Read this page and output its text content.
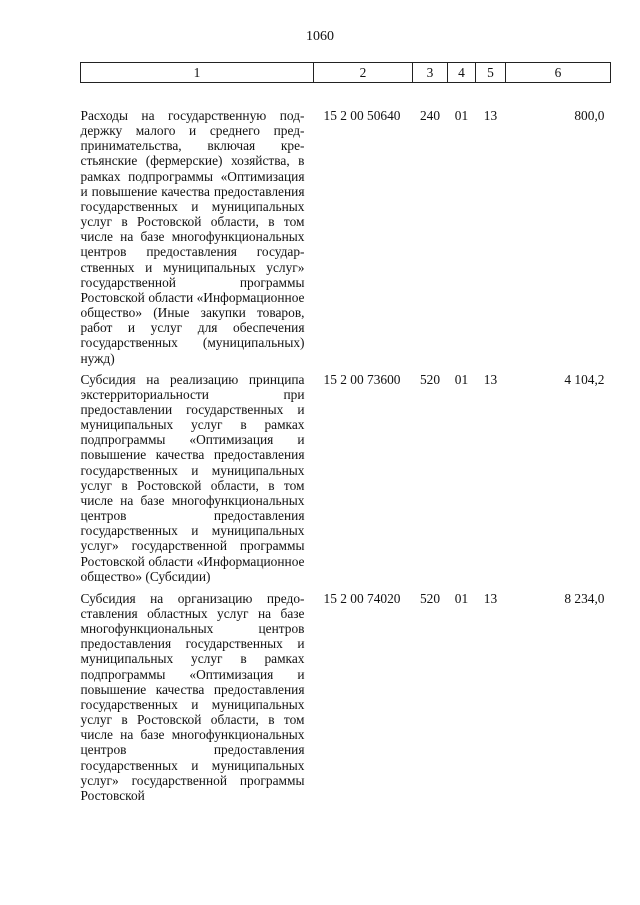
1060
1	2	3	4	5	6
Расходы на государственную поддержку малого и среднего предпринимательства, включая крестьянские (фермерские) хозяйства, в рамках подпрограммы «Оптимизация и повышение качества предоставления государственных и муниципальных услуг в Ростовской области, в том числе на базе многофункциональных центров предоставления государственных и муниципальных услуг» государственной программы Ростовской области «Информационное общество» (Иные закупки товаров, работ и услуг для обеспечения государственных (муниципальных) нужд)	15 2 00 50640	240	01	13	800,0
Субсидия на реализацию принципа экстерриториальности при предоставлении государственных и муниципальных услуг в рамках подпрограммы «Оптимизация и повышение качества предоставления государственных и муниципальных услуг в Ростовской области, в том числе на базе многофункциональных центров предоставления государственных и муниципальных услуг» государственной программы Ростовской области «Информационное общество» (Субсидии)	15 2 00 73600	520	01	13	4 104,2
Субсидия на организацию предоставления областных услуг на базе многофункциональных центров предоставления государственных и муниципальных услуг в рамках подпрограммы «Оптимизация и повышение качества предоставления государственных и муниципальных услуг в Ростовской области, в том числе на базе многофункциональных центров предоставления государственных и муниципальных услуг» государственной программы Ростовской	15 2 00 74020	520	01	13	8 234,0
